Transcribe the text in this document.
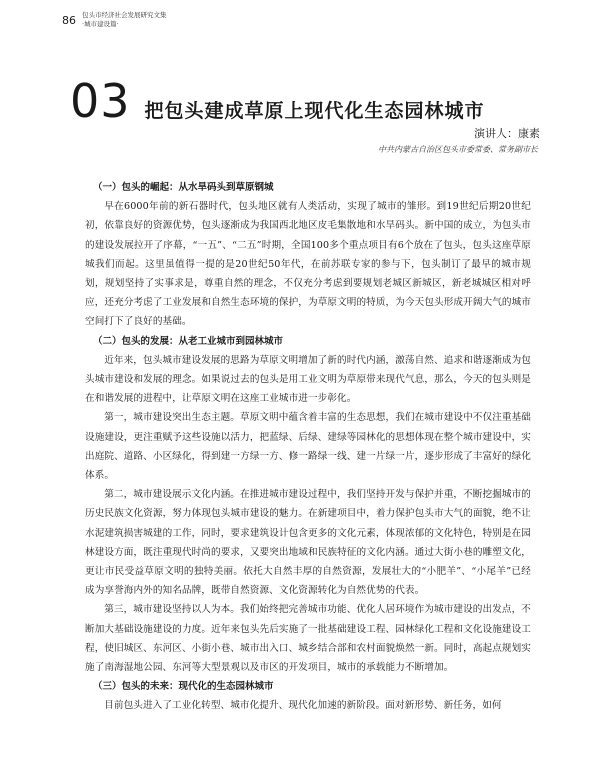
86 包头市经济社会发展研究文集
·城市建设篇·
03 把包头建成草原上现代化生态园林城市
演讲人：康素
中共内蒙古自治区包头市委常委、常务副市长

（一）包头的崛起：从水旱码头到草原钢城

早在6000年前的新石器时代，包头地区就有人类活动，实现了城市的雏形。到19世纪后期20世纪初，依靠良好的资源优势，包头逐渐成为我国西北地区皮毛集散地和水旱码头。新中国的成立，为包头市的建设发展拉开了序幕，“一五”、“二五”时期，全国100多个重点项目有6个放在了包头，包头这座草原城我们而起。这里虽值得一提的是20世纪50年代，在前苏联专家的参与下，包头制订了最早的城市规划，规划坚持了实事求是，尊重自然的理念，不仅充分考虑到要规划老城区新城区，新老城城区相对呼应，还充分考虑了工业发展和自然生态环境的保护，为草原文明的特质，为今天包头形成开阔大气的城市空间打下了良好的基础。

（二）包头的发展：从老工业城市到园林城市

近年来，包头城市建设发展的思路为草原文明增加了新的时代内涵，激荡自然、追求和谐逐渐成为包头城市建设和发展的理念。如果说过去的包头是用工业文明为草原带来现代气息，那么，今天的包头则是在和谐发展的进程中，让草原文明在这座工业城市进一步彰化。

第一，城市建设突出生态主题。草原文明中蕴含着丰富的生态思想，我们在城市建设中不仅注重基础设施建设，更注重赋予这些设施以活力，把蓝绿、后绿、建绿等园林化的思想体现在整个城市建设中，实出庭院、道路、小区绿化，得到建一方绿一方、修一路绿一线、建一片绿一片，逐步形成了丰富好的绿化体系。

第二，城市建设展示文化内涵。在推进城市建设过程中，我们坚持开发与保护并重，不断挖掘城市的历史民族文化资源，努力体现包头城市建设的魅力。在新建项目中，着力保护包头市大气的面貌，绝不让水泥建筑损害城建的工作，同时，要求建筑设计包含更多的文化元素，体现浓郁的文化特色，特别是在园林建设方面，既注重现代时尚的要求，又要突出地域和民族特征的文化内涵。通过大街小巷的雕塑文化，更让市民受益草原文明的独特美丽。依托大自然丰厚的自然资源，发展壮大的“小肥羊”、“小尾羊”已经成为享誉海内外的知名品牌，既带自然资源、文化资源转化为自然优势的代表。

第三，城市建设坚持以人为本。我们始终把完善城市功能、优化人居环境作为城市建设的出发点，不断加大基础设施建设的力度。近年来包头先后实施了一批基础建设工程、园林绿化工程和文化设施建设工程，使旧城区、东河区、小街小巷、城市出入口、城乡结合部和农村面貌焕然一新。同时，高起点规划实施了南海湿地公园、东河等大型景观以及市区的开发项目，城市的承载能力不断增加。

（三）包头的未来：现代化的生态园林城市

目前包头进入了工业化转型、城市化提升、现代化加速的新阶段。面对新形势、新任务，如何
